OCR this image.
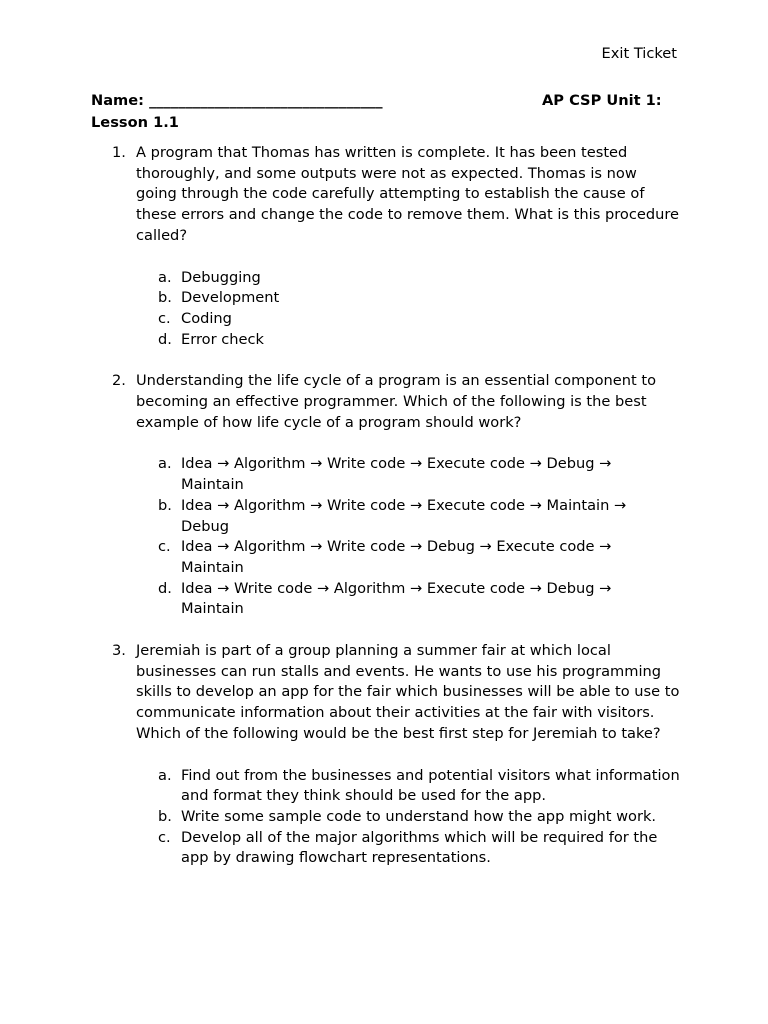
Exit Ticket
Name: ________________________________	AP CSP Unit 1:
Lesson 1.1
1. A program that Thomas has written is complete. It has been tested thoroughly, and some outputs were not as expected. Thomas is now going through the code carefully attempting to establish the cause of these errors and change the code to remove them. What is this procedure called?
a. Debugging
b. Development
c. Coding
d. Error check
2. Understanding the life cycle of a program is an essential component to becoming an effective programmer. Which of the following is the best example of how life cycle of a program should work?
a. Idea → Algorithm → Write code → Execute code → Debug → Maintain
b. Idea → Algorithm → Write code → Execute code → Maintain → Debug
c. Idea → Algorithm → Write code → Debug → Execute code → Maintain
d. Idea → Write code → Algorithm → Execute code → Debug → Maintain
3. Jeremiah is part of a group planning a summer fair at which local businesses can run stalls and events. He wants to use his programming skills to develop an app for the fair which businesses will be able to use to communicate information about their activities at the fair with visitors. Which of the following would be the best first step for Jeremiah to take?
a. Find out from the businesses and potential visitors what information and format they think should be used for the app.
b. Write some sample code to understand how the app might work.
c. Develop all of the major algorithms which will be required for the app by drawing flowchart representations.
